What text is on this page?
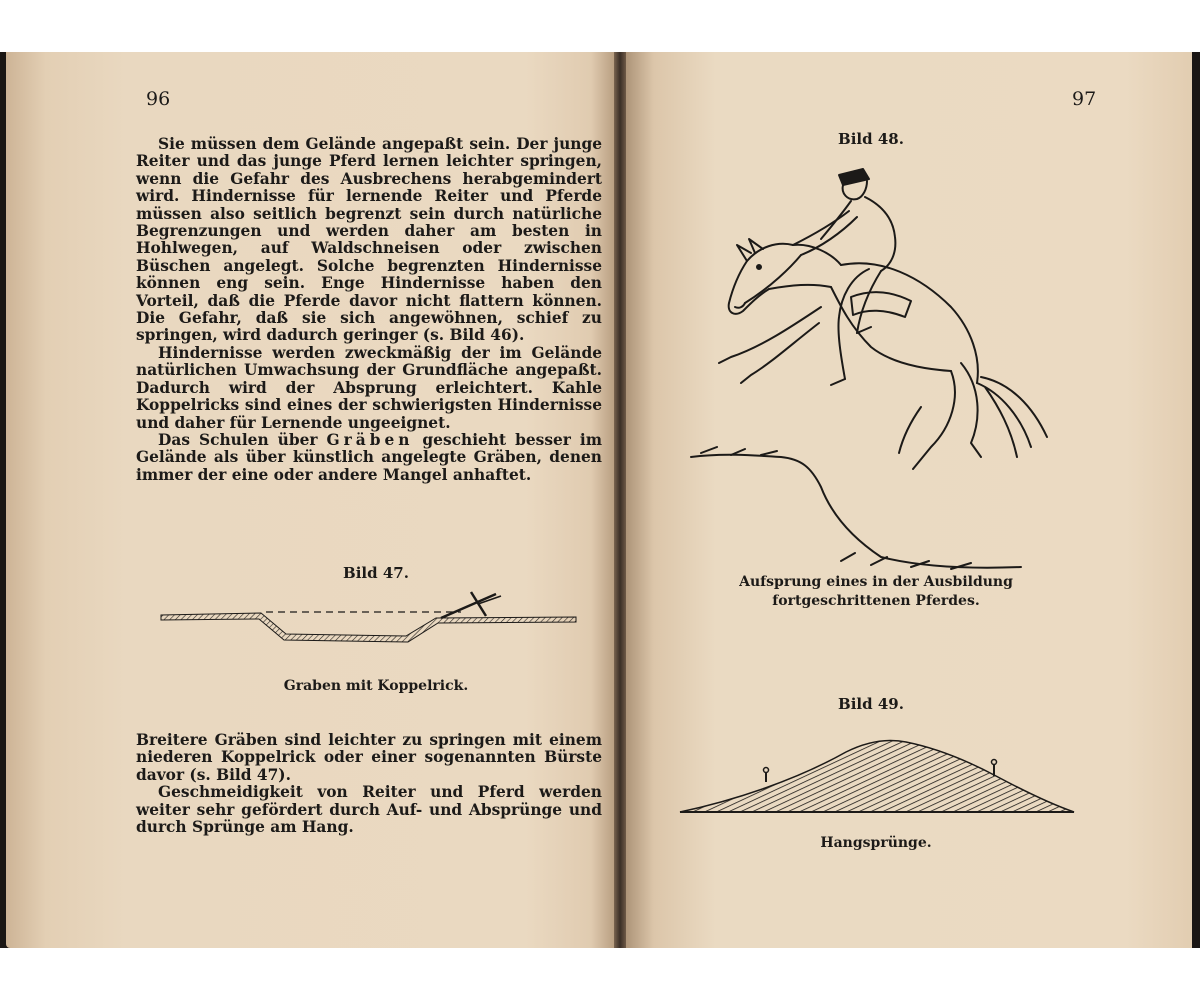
96

Sie müssen dem Gelände angepaßt sein. Der junge Reiter und das junge Pferd lernen leichter springen, wenn die Gefahr des Ausbrechens herabgemindert wird. Hindernisse für lernende Reiter und Pferde müssen also seitlich begrenzt sein durch natürliche Begrenzungen und werden daher am besten in Hohlwegen, auf Waldschneisen oder zwischen Büschen angelegt. Solche begrenzten Hindernisse können eng sein. Enge Hindernisse haben den Vorteil, daß die Pferde davor nicht flattern können. Die Gefahr, daß sie sich angewöhnen, schief zu springen, wird dadurch geringer (s. Bild 46).

Hindernisse werden zweckmäßig der im Gelände natürlichen Umwachsung der Grundfläche angepaßt. Dadurch wird der Absprung erleichtert. Kahle Koppelricks sind eines der schwierigsten Hindernisse und daher für Lernende ungeeignet.

Das Schulen über Gräben geschieht besser im Gelände als über künstlich angelegte Gräben, denen immer der eine oder andere Mangel anhaftet.

Bild 47.
Graben mit Koppelrick.

Breitere Gräben sind leichter zu springen mit einem niederen Koppelrick oder einer sogenannten Bürste davor (s. Bild 47).

Geschmeidigkeit von Reiter und Pferd werden weiter sehr gefördert durch Auf- und Absprünge und durch Sprünge am Hang.

97
Bild 48.
Aufsprung eines in der Ausbildung
fortgeschrittenen Pferdes.
Bild 49.
Hangsprünge.
